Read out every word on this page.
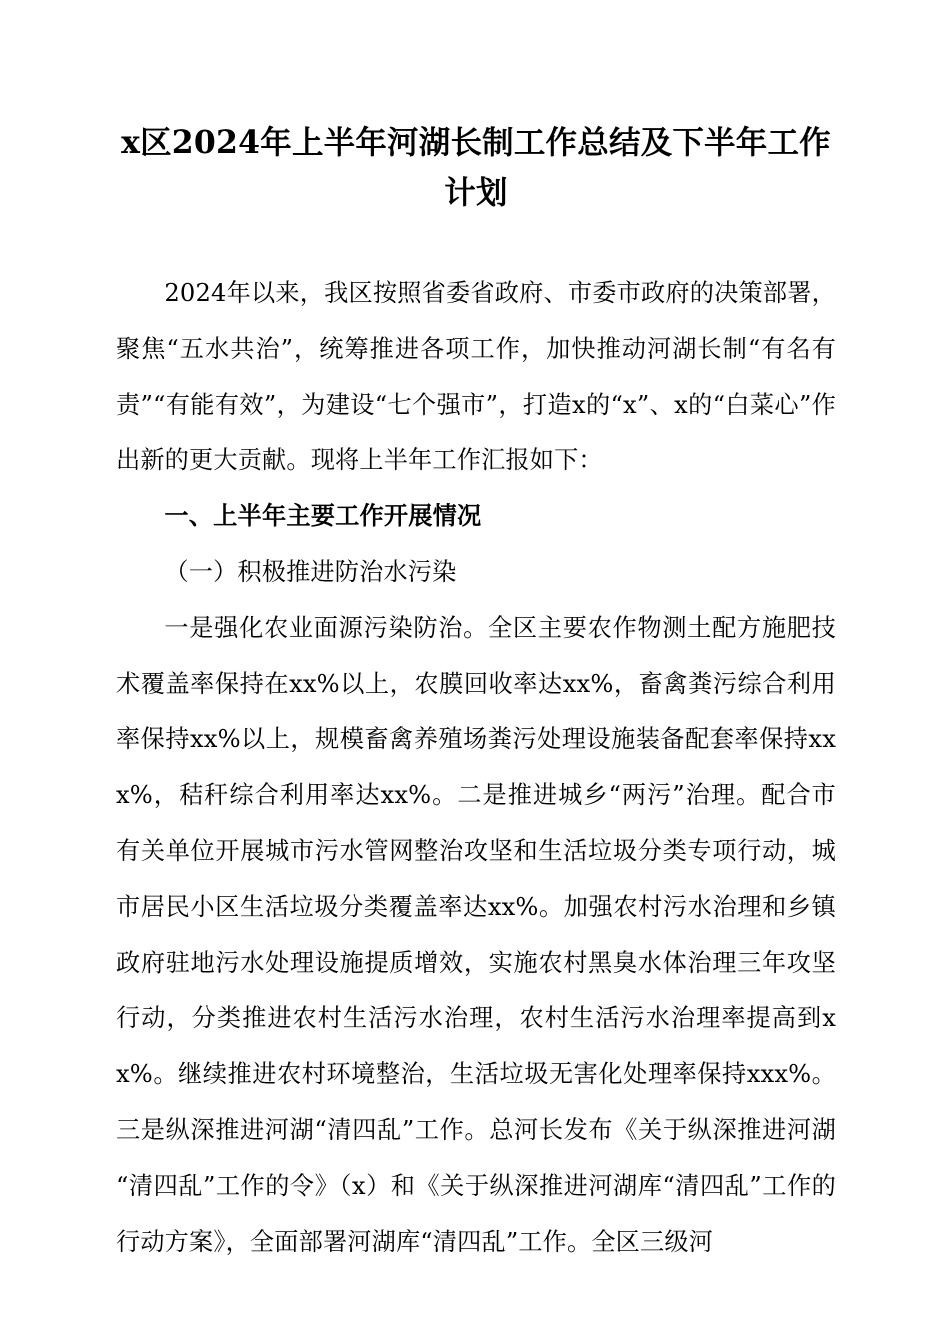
x区2024年上半年河湖长制工作总结及下半年工作计划

2024年以来，我区按照省委省政府、市委市政府的决策部署，聚焦“五水共治”，统筹推进各项工作，加快推动河湖长制“有名有责”“有能有效”，为建设“七个强市”，打造x的“x”、x的“白菜心”作出新的更大贡献。现将上半年工作汇报如下：

一、上半年主要工作开展情况

（一）积极推进防治水污染

一是强化农业面源污染防治。全区主要农作物测土配方施肥技术覆盖率保持在xx%以上，农膜回收率达xx%，畜禽粪污综合利用率保持xx%以上，规模畜禽养殖场粪污处理设施装备配套率保持xxx%，秸秆综合利用率达xx%。二是推进城乡“两污”治理。配合市有关单位开展城市污水管网整治攻坚和生活垃圾分类专项行动，城市居民小区生活垃圾分类覆盖率达xx%。加强农村污水治理和乡镇政府驻地污水处理设施提质增效，实施农村黑臭水体治理三年攻坚行动，分类推进农村生活污水治理，农村生活污水治理率提高到xx%。继续推进农村环境整治，生活垃圾无害化处理率保持xxx%。三是纵深推进河湖“清四乱”工作。总河长发布《关于纵深推进河湖“清四乱”工作的令》（x）和《关于纵深推进河湖库“清四乱”工作的行动方案》，全面部署河湖库“清四乱”工作。全区三级河
